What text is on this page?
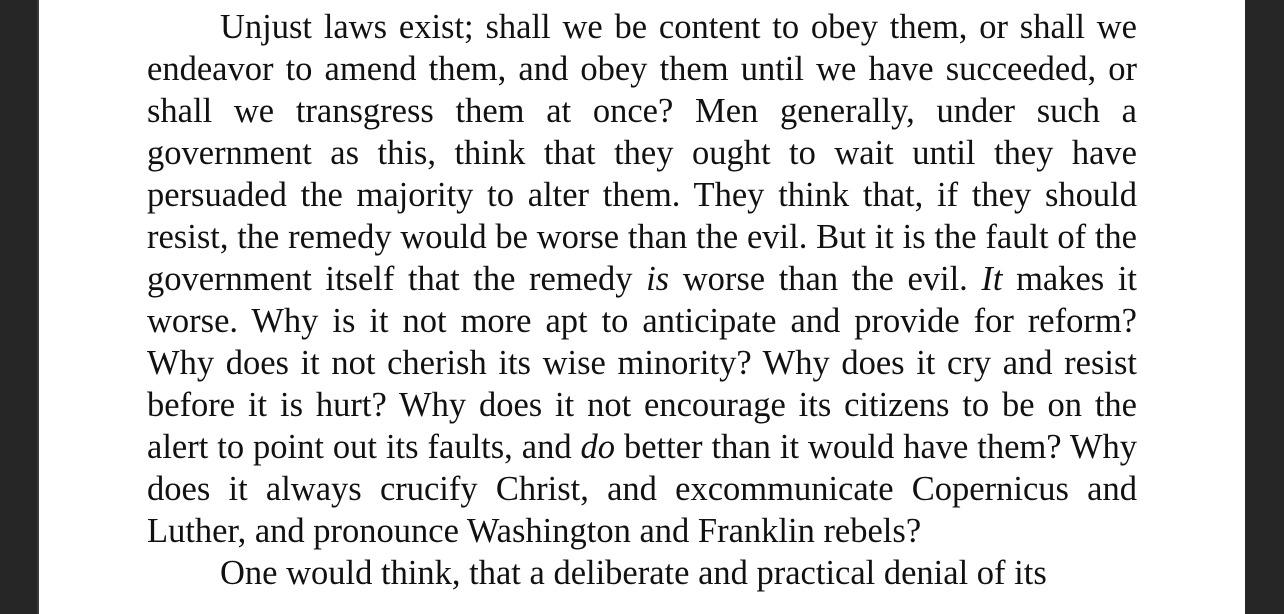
Unjust laws exist; shall we be content to obey them, or shall we endeavor to amend them, and obey them until we have succeeded, or shall we transgress them at once? Men generally, under such a government as this, think that they ought to wait until they have persuaded the majority to alter them. They think that, if they should resist, the remedy would be worse than the evil. But it is the fault of the government itself that the remedy is worse than the evil. It makes it worse. Why is it not more apt to anticipate and provide for reform? Why does it not cherish its wise minority? Why does it cry and resist before it is hurt? Why does it not encourage its citizens to be on the alert to point out its faults, and do better than it would have them? Why does it always crucify Christ, and excommunicate Copernicus and Luther, and pronounce Washington and Franklin rebels?

One would think, that a deliberate and practical denial of its
